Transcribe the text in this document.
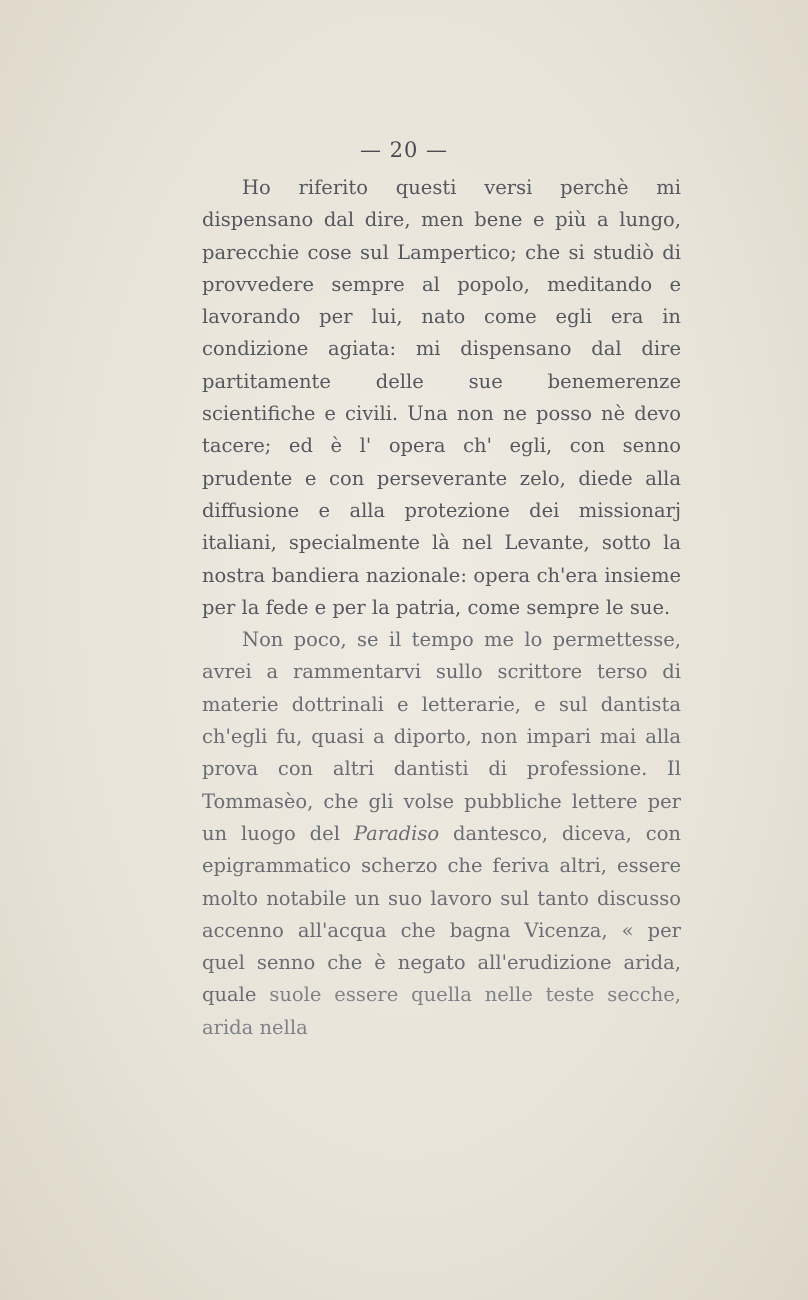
— 20 —

Ho riferito questi versi perchè mi dispensano dal dire, men bene e più a lungo, parecchie cose sul Lampertico; che si studiò di provvedere sempre al popolo, meditando e lavorando per lui, nato come egli era in condizione agiata: mi dispensano dal dire partitamente delle sue benemerenze scientifiche e civili. Una non ne posso nè devo tacere; ed è l' opera ch' egli, con senno prudente e con perseverante zelo, diede alla diffusione e alla protezione dei missionarj italiani, specialmente là nel Levante, sotto la nostra bandiera nazionale: opera ch'era insieme per la fede e per la patria, come sempre le sue.

Non poco, se il tempo me lo permettesse, avrei a rammentarvi sullo scrittore terso di materie dottrinali e letterarie, e sul dantista ch'egli fu, quasi a diporto, non impari mai alla prova con altri dantisti di professione. Il Tommasèo, che gli volse pubbliche lettere per un luogo del Paradiso dantesco, diceva, con epigrammatico scherzo che feriva altri, essere molto notabile un suo lavoro sul tanto discusso accenno all'acqua che bagna Vicenza, « per quel senno che è negato all'erudizione arida, quale suole essere quella nelle teste secche, arida nella
